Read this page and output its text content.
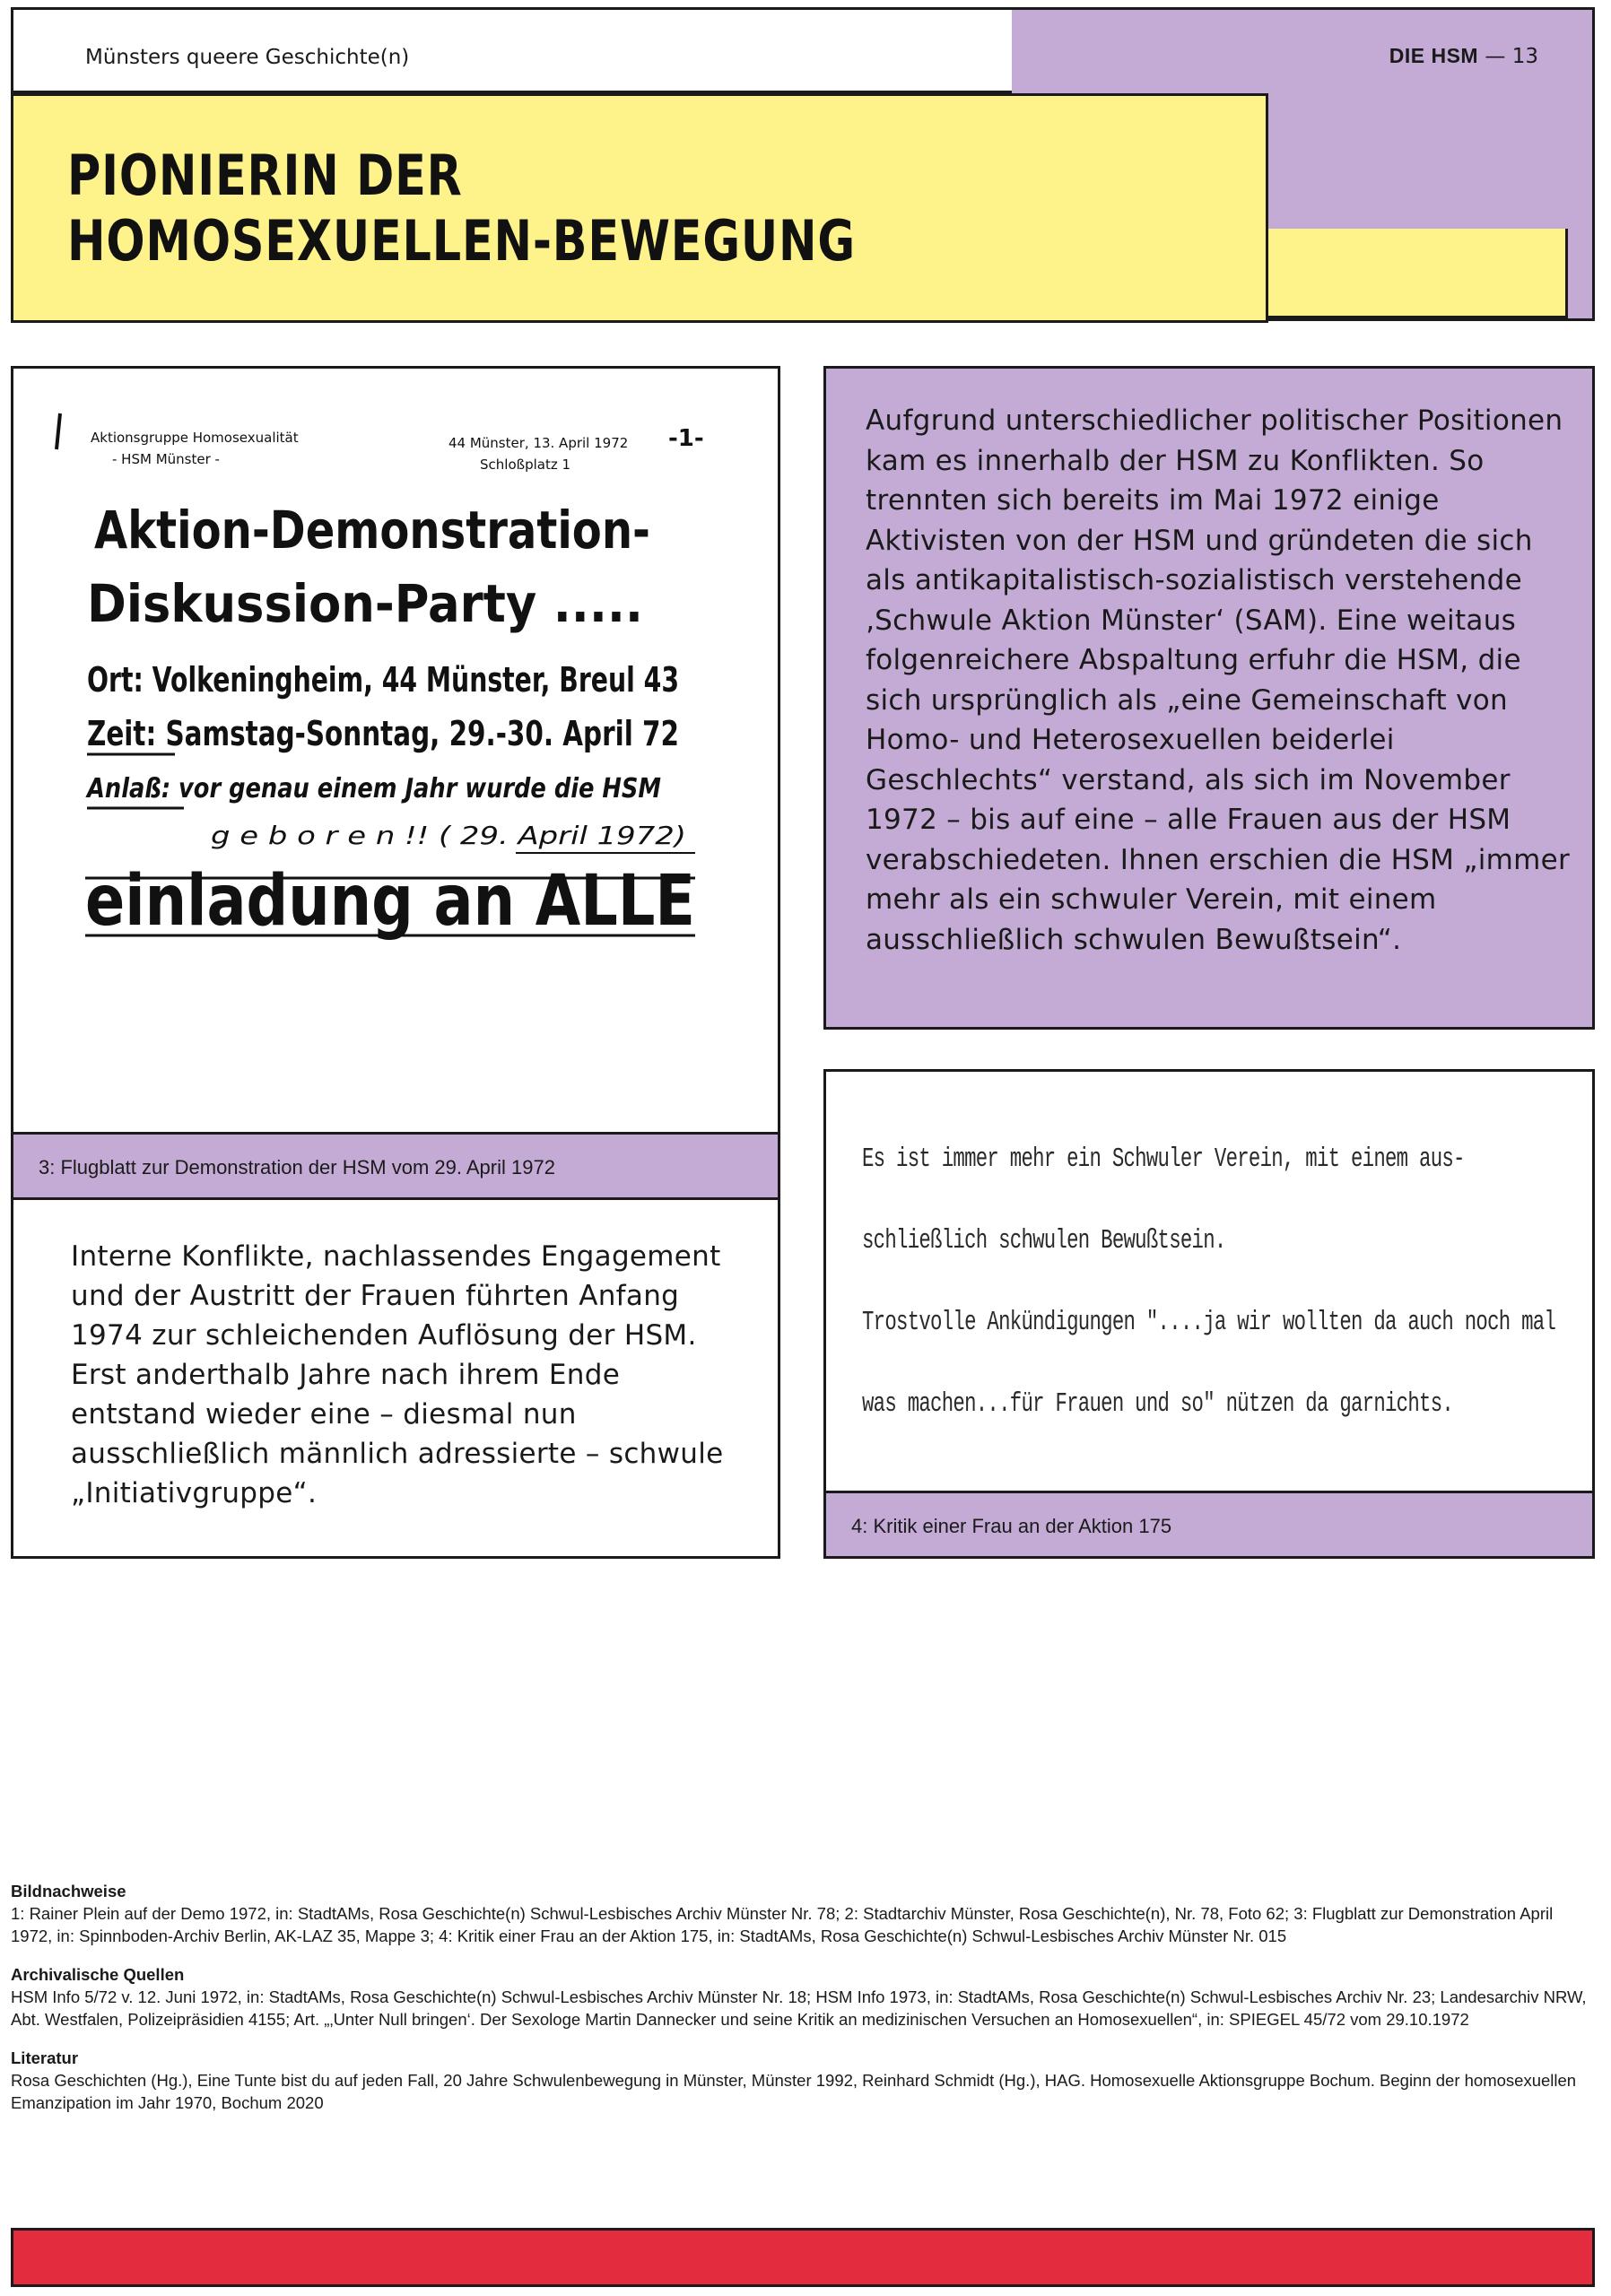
DIE HSM — 13
Münsters queere Geschichte(n)
PIONIERIN DER
HOMOSEXUELLEN-BEWEGUNG
Aktionsgruppe Homosexualität
- HSM Münster -
44 Münster, 13. April 1972
Schloßplatz 1
-1-
Aktion-Demonstration-
Diskussion-Party .....
Ort: Volkeningheim, 44 Münster, Breul 43
Zeit: Samstag-Sonntag, 29.-30. April 72
Anlaß: vor genau einem Jahr wurde die HSM
g e b o r e n !! ( 29. April 1972)
einladung an ALLE
Interne Konflikte, nachlassendes Engagement und der Austritt der Frauen führten Anfang 1974 zur schleichenden Auflösung der HSM. Erst anderthalb Jahre nach ihrem Ende entstand wieder eine – diesmal nun ausschließlich männlich adressierte – schwule „Initiativgruppe“.
3: Flugblatt zur Demonstration der HSM vom 29. April 1972
Aufgrund unterschiedlicher politischer Positionen kam es innerhalb der HSM zu Konflikten. So trennten sich bereits im Mai 1972 einige Aktivisten von der HSM und gründeten die sich als antikapitalistisch-sozialistisch verstehende ‚Schwule Aktion Münster‘ (SAM). Eine weitaus folgenreichere Abspaltung erfuhr die HSM, die sich ursprünglich als „eine Gemeinschaft von Homo- und Heterosexuellen beiderlei Geschlechts“ verstand, als sich im November 1972 – bis auf eine – alle Frauen aus der HSM verabschiedeten. Ihnen erschien die HSM „immer mehr als ein schwuler Verein, mit einem ausschließlich schwulen Bewußtsein“.
Es ist immer mehr ein Schwuler Verein, mit einem aus-
schließlich schwulen Bewußtsein.
Trostvolle Ankündigungen "....ja wir wollten da auch noch mal
was machen...für Frauen und so" nützen da garnichts.
4: Kritik einer Frau an der Aktion 175
Bildnachweise

1: Rainer Plein auf der Demo 1972, in: StadtAMs, Rosa Geschichte(n) Schwul-Lesbisches Archiv Münster Nr. 78; 2: Stadtarchiv Münster, Rosa Geschichte(n), Nr. 78, Foto 62; 3: Flugblatt zur Demonstration April 1972, in: Spinnboden-Archiv Berlin, AK-LAZ 35, Mappe 3; 4: Kritik einer Frau an der Aktion 175, in: StadtAMs, Rosa Geschichte(n) Schwul-Lesbisches Archiv Münster Nr. 015

Archivalische Quellen

HSM Info 5/72 v. 12. Juni 1972, in: StadtAMs, Rosa Geschichte(n) Schwul-Lesbisches Archiv Münster Nr. 18; HSM Info 1973, in: StadtAMs, Rosa Geschichte(n) Schwul-Lesbisches Archiv Nr. 23; Landesarchiv NRW, Abt. Westfalen, Polizeipräsidien 4155; Art. „‚Unter Null bringen‘. Der Sexologe Martin Dannecker und seine Kritik an medizinischen Versuchen an Homosexuellen“, in: SPIEGEL 45/72 vom 29.10.1972

Literatur

Rosa Geschichten (Hg.), Eine Tunte bist du auf jeden Fall, 20 Jahre Schwulenbewegung in Münster, Münster 1992, Reinhard Schmidt (Hg.), HAG. Homosexuelle Aktionsgruppe Bochum. Beginn der homosexuellen Emanzipation im Jahr 1970, Bochum 2020
